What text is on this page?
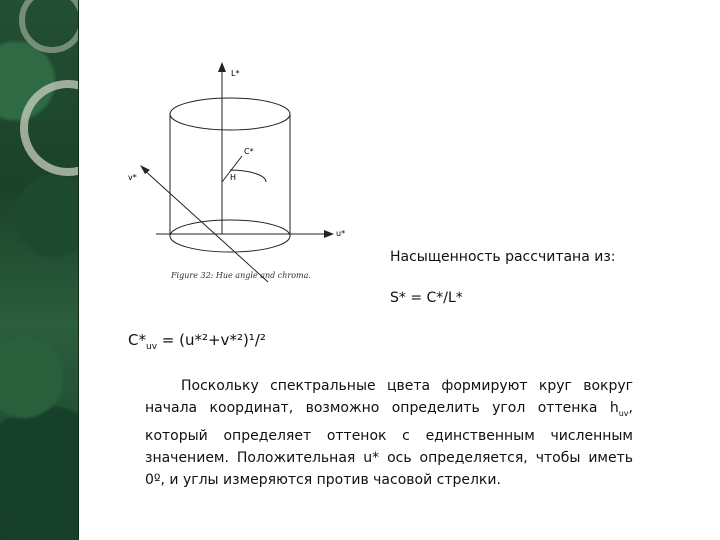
L*
v*
u*
C*
H
Figure 32: Hue angle and chroma.
Насыщенность рассчитана из:
S* = C*/L*
$C*_{uv} = (u*^2+v*^2)^1/^2$
Поскольку спектральные цвета формируют круг вокруг начала координат, возможно определить угол оттенка $h_{uv}$, который определяет оттенок с единственным численным значением. Положительная u* ось определяется, чтобы иметь 0º, и углы измеряются против часовой стрелки.
